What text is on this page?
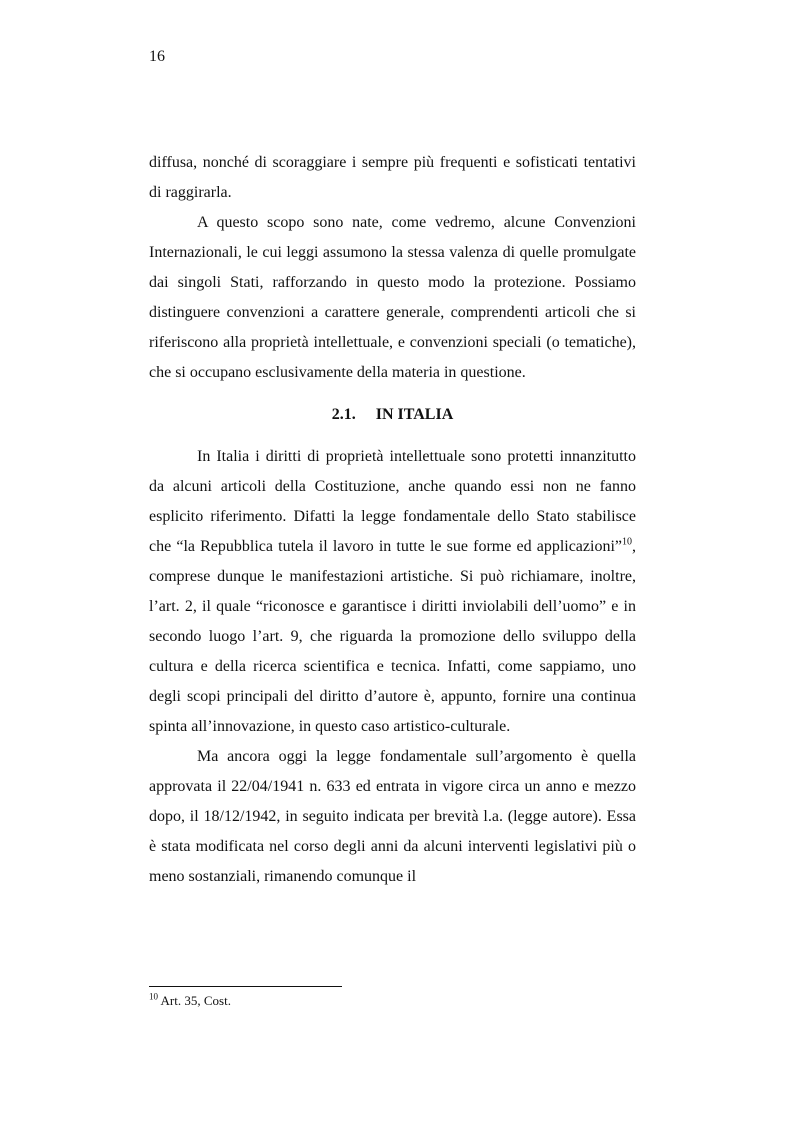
16

diffusa, nonché di scoraggiare i sempre più frequenti e sofisticati tentativi di raggirarla.

A questo scopo sono nate, come vedremo, alcune Convenzioni Internazionali, le cui leggi assumono la stessa valenza di quelle promulgate dai singoli Stati, rafforzando in questo modo la protezione. Possiamo distinguere convenzioni a carattere generale, comprendenti articoli che si riferiscono alla proprietà intellettuale, e convenzioni speciali (o tematiche), che si occupano esclusivamente della materia in questione.

2.1. IN ITALIA

In Italia i diritti di proprietà intellettuale sono protetti innanzitutto da alcuni articoli della Costituzione, anche quando essi non ne fanno esplicito riferimento. Difatti la legge fondamentale dello Stato stabilisce che “la Repubblica tutela il lavoro in tutte le sue forme ed applicazioni”$^{10}$, comprese dunque le manifestazioni artistiche. Si può richiamare, inoltre, l’art. 2, il quale “riconosce e garantisce i diritti inviolabili dell’uomo” e in secondo luogo l’art. 9, che riguarda la promozione dello sviluppo della cultura e della ricerca scientifica e tecnica. Infatti, come sappiamo, uno degli scopi principali del diritto d’autore è, appunto, fornire una continua spinta all’innovazione, in questo caso artistico-culturale.

Ma ancora oggi la legge fondamentale sull’argomento è quella approvata il 22/04/1941 n. 633 ed entrata in vigore circa un anno e mezzo dopo, il 18/12/1942, in seguito indicata per brevità l.a. (legge autore). Essa è stata modificata nel corso degli anni da alcuni interventi legislativi più o meno sostanziali, rimanendo comunque il

$^{10}$ Art. 35, Cost.
